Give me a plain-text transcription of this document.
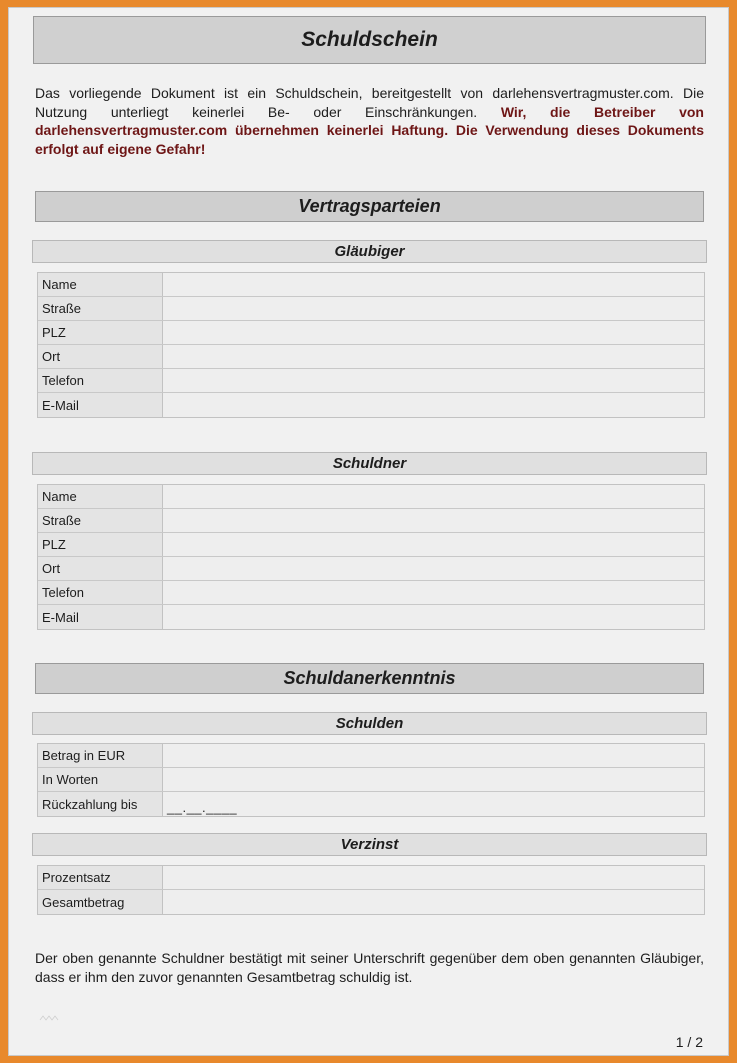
Schuldschein

Das vorliegende Dokument ist ein Schuldschein, bereitgestellt von darlehensvertragmuster.com. Die Nutzung unterliegt keinerlei Be- oder Einschränkungen. Wir, die Betreiber von darlehensvertragmuster.com übernehmen keinerlei Haftung. Die Verwendung dieses Dokuments erfolgt auf eigene Gefahr!

Vertragsparteien
Gläubiger
Name
Straße
PLZ
Ort
Telefon
E-Mail
Schuldner
Name
Straße
PLZ
Ort
Telefon
E-Mail
Schuldanerkenntnis
Schulden
Betrag in EUR
In Worten
Rückzahlung bis	__.__.____
Verzinst
Prozentsatz
Gesamtbetrag

Der oben genannte Schuldner bestätigt mit seiner Unterschrift gegenüber dem oben genannten Gläubiger, dass er ihm den zuvor genannten Gesamtbetrag schuldig ist.

1 / 2
